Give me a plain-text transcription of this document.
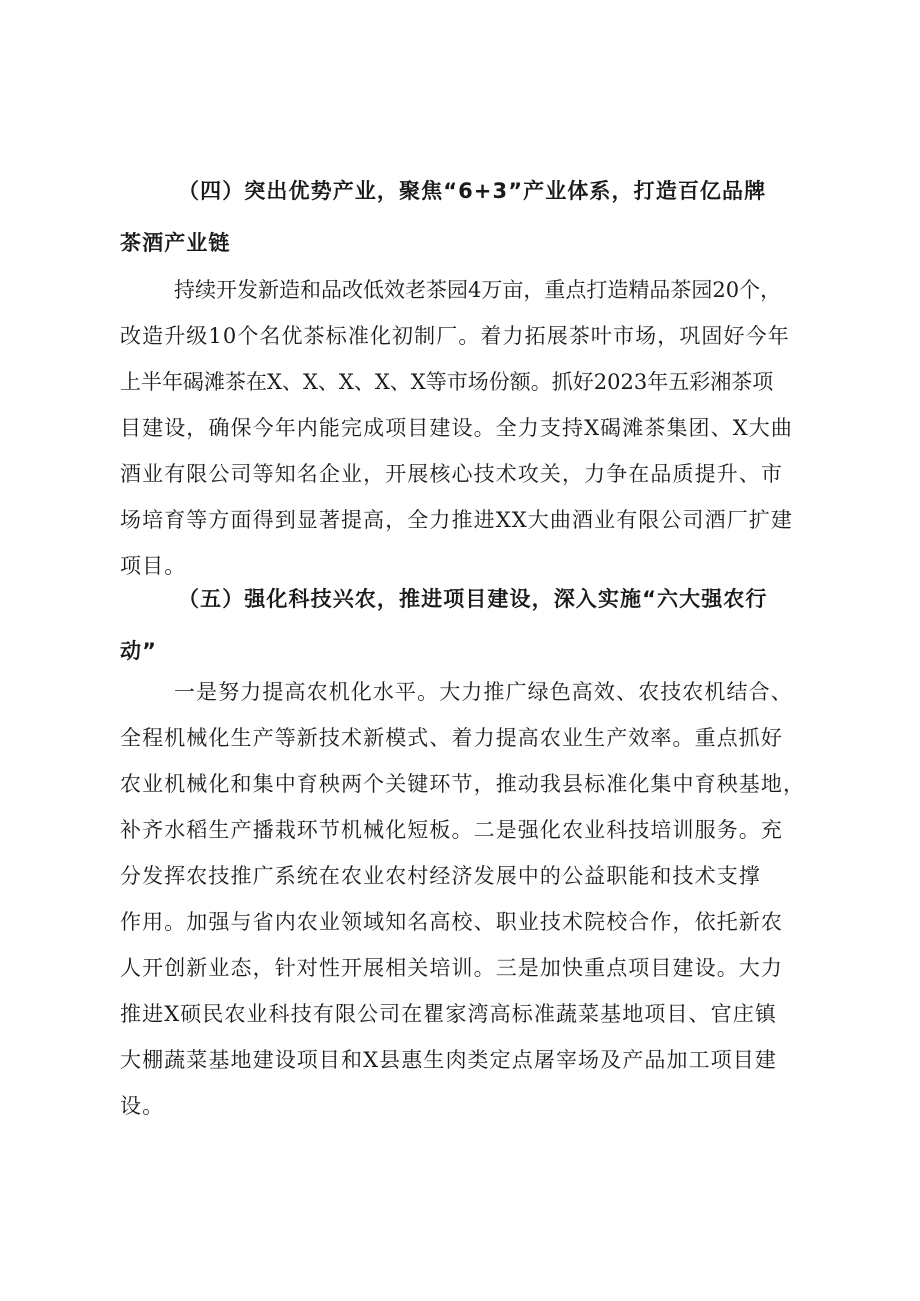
（四）突出优势产业，聚焦“6+3”产业体系，打造百亿品牌
茶酒产业链
持续开发新造和品改低效老茶园4万亩，重点打造精品茶园20个，
改造升级10个名优茶标准化初制厂。着力拓展茶叶市场，巩固好今年
上半年碣滩茶在X、X、X、X、X等市场份额。抓好2023年五彩湘茶项
目建设，确保今年内能完成项目建设。全力支持X碣滩茶集团、X大曲
酒业有限公司等知名企业，开展核心技术攻关，力争在品质提升、市
场培育等方面得到显著提高，全力推进XX大曲酒业有限公司酒厂扩建
项目。
（五）强化科技兴农，推进项目建设，深入实施“六大强农行
动”
一是努力提高农机化水平。大力推广绿色高效、农技农机结合、
全程机械化生产等新技术新模式、着力提高农业生产效率。重点抓好
农业机械化和集中育秧两个关键环节，推动我县标准化集中育秧基地，
补齐水稻生产播栽环节机械化短板。二是强化农业科技培训服务。充
分发挥农技推广系统在农业农村经济发展中的公益职能和技术支撑
作用。加强与省内农业领域知名高校、职业技术院校合作，依托新农
人开创新业态，针对性开展相关培训。三是加快重点项目建设。大力
推进X硕民农业科技有限公司在瞿家湾高标准蔬菜基地项目、官庄镇
大棚蔬菜基地建设项目和X县惠生肉类定点屠宰场及产品加工项目建
设。
